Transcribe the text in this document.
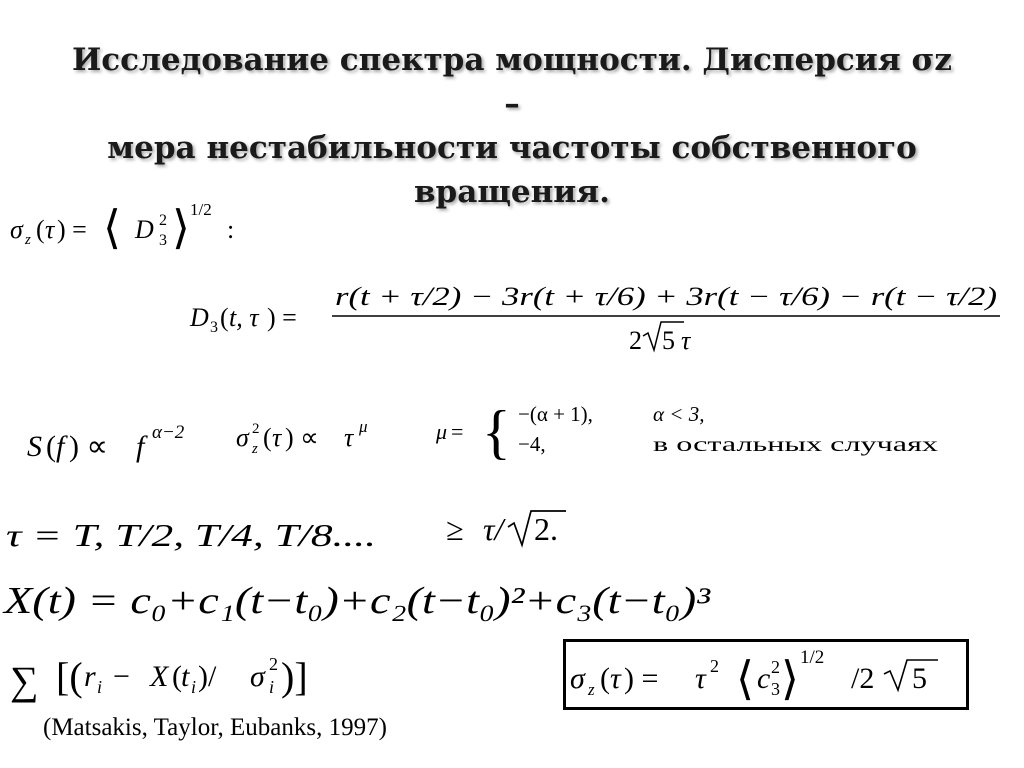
Исследование спектра мощности. Дисперсия σz –
мера нестабильности частоты собственного
вращения.
σ z ( τ ) = ⟨ D 2
3 ⟩ 1/2
:
D 3 ( t, τ ) =
r(t + τ/2) − 3r(t + τ/6) + 3r(t − τ/6) − r(t − τ/2)
2 5 τ
S ( f ) ∝ f α−2 σ 2
z ( τ ) ∝ τ μ	μ = { −(α + 1),	α < 3,
−4,	в остальных случаях
τ = T, T/2, T/4, T/8.... ≥ τ/ 2.
X(t) = c₀+c₁(t−t₀)+c₂(t−t₀)²+c₃(t−t₀)³
∑ [( r i − X ( t i )/ σ 2
i )]	σ z ( τ ) = τ 2 ⟨ c 2
3 ⟩ 1/2
/2 5
(Matsakis, Taylor, Eubanks, 1997)
